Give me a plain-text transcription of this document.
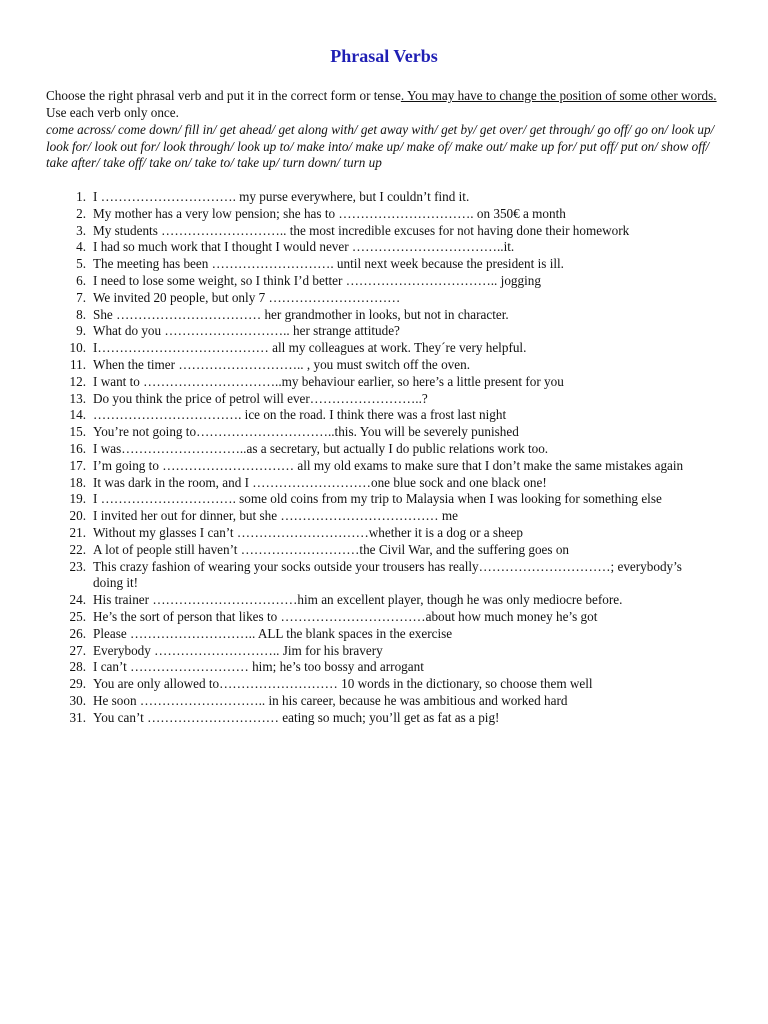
Phrasal Verbs
Choose the right phrasal verb and put it in the correct form or tense. You may have to change the position of some other words. Use each verb only once.
come across/ come down/ fill in/ get ahead/ get along with/ get away with/ get by/ get over/ get through/ go off/ go on/ look up/ look for/ look out for/ look through/ look up to/ make into/ make up/ make of/ make out/ make up for/ put off/ put on/ show off/ take after/ take off/ take on/ take to/ take up/ turn down/ turn up
1. I …………………………. my purse everywhere, but I couldn’t find it.
2. My mother has a very low pension; she has to …………………………. on 350€ a month
3. My students ……………………….. the most incredible excuses for not having done their homework
4. I had so much work that I thought I would never ……………………………..it.
5. The meeting has been ………………………. until next week because the president is ill.
6. I need to lose some weight, so I think I’d better …………………………….. jogging
7. We invited 20 people, but only 7 …………………………
8. She …………………………… her grandmother in looks, but not in character.
9. What do you ……………………….. her strange attitude?
10. I………………………………… all my colleagues at work. They´re very helpful.
11. When the timer ……………………….. , you must switch off the oven.
12. I want to …………………………..my behaviour earlier, so here’s a little present for you
13. Do you think the price of petrol will ever……………………..?
14. ……………………………. ice on the road. I think there was a frost last night
15. You’re not going to…………………………..this. You will be severely punished
16. I was………………………..as a secretary, but actually I do public relations work too.
17. I’m going to ………………………… all my old exams to make sure that I don’t make the same mistakes again
18. It was dark in the room, and I ………………………one blue sock and one black one!
19. I …………………………. some old coins from my trip to Malaysia when I was looking for something else
20. I invited her out for dinner, but she ……………………………… me
21. Without my glasses I can’t …………………………whether it is a dog or a sheep
22. A lot of people still haven’t ………………………the Civil War, and the suffering goes on
23. This crazy fashion of wearing your socks outside your trousers has really…………………………; everybody’s doing it!
24. His trainer ……………………………him an excellent player, though he was only mediocre before.
25. He’s the sort of person that likes to ……………………………about how much money he’s got
26. Please ……………………….. ALL the blank spaces in the exercise
27. Everybody ……………………….. Jim for his bravery
28. I can’t ……………………… him; he’s too bossy and arrogant
29. You are only allowed to……………………… 10 words in the dictionary, so choose them well
30. He soon ……………………….. in his career, because he was ambitious and worked hard
31. You can’t ………………………… eating so much; you’ll get as fat as a pig!
